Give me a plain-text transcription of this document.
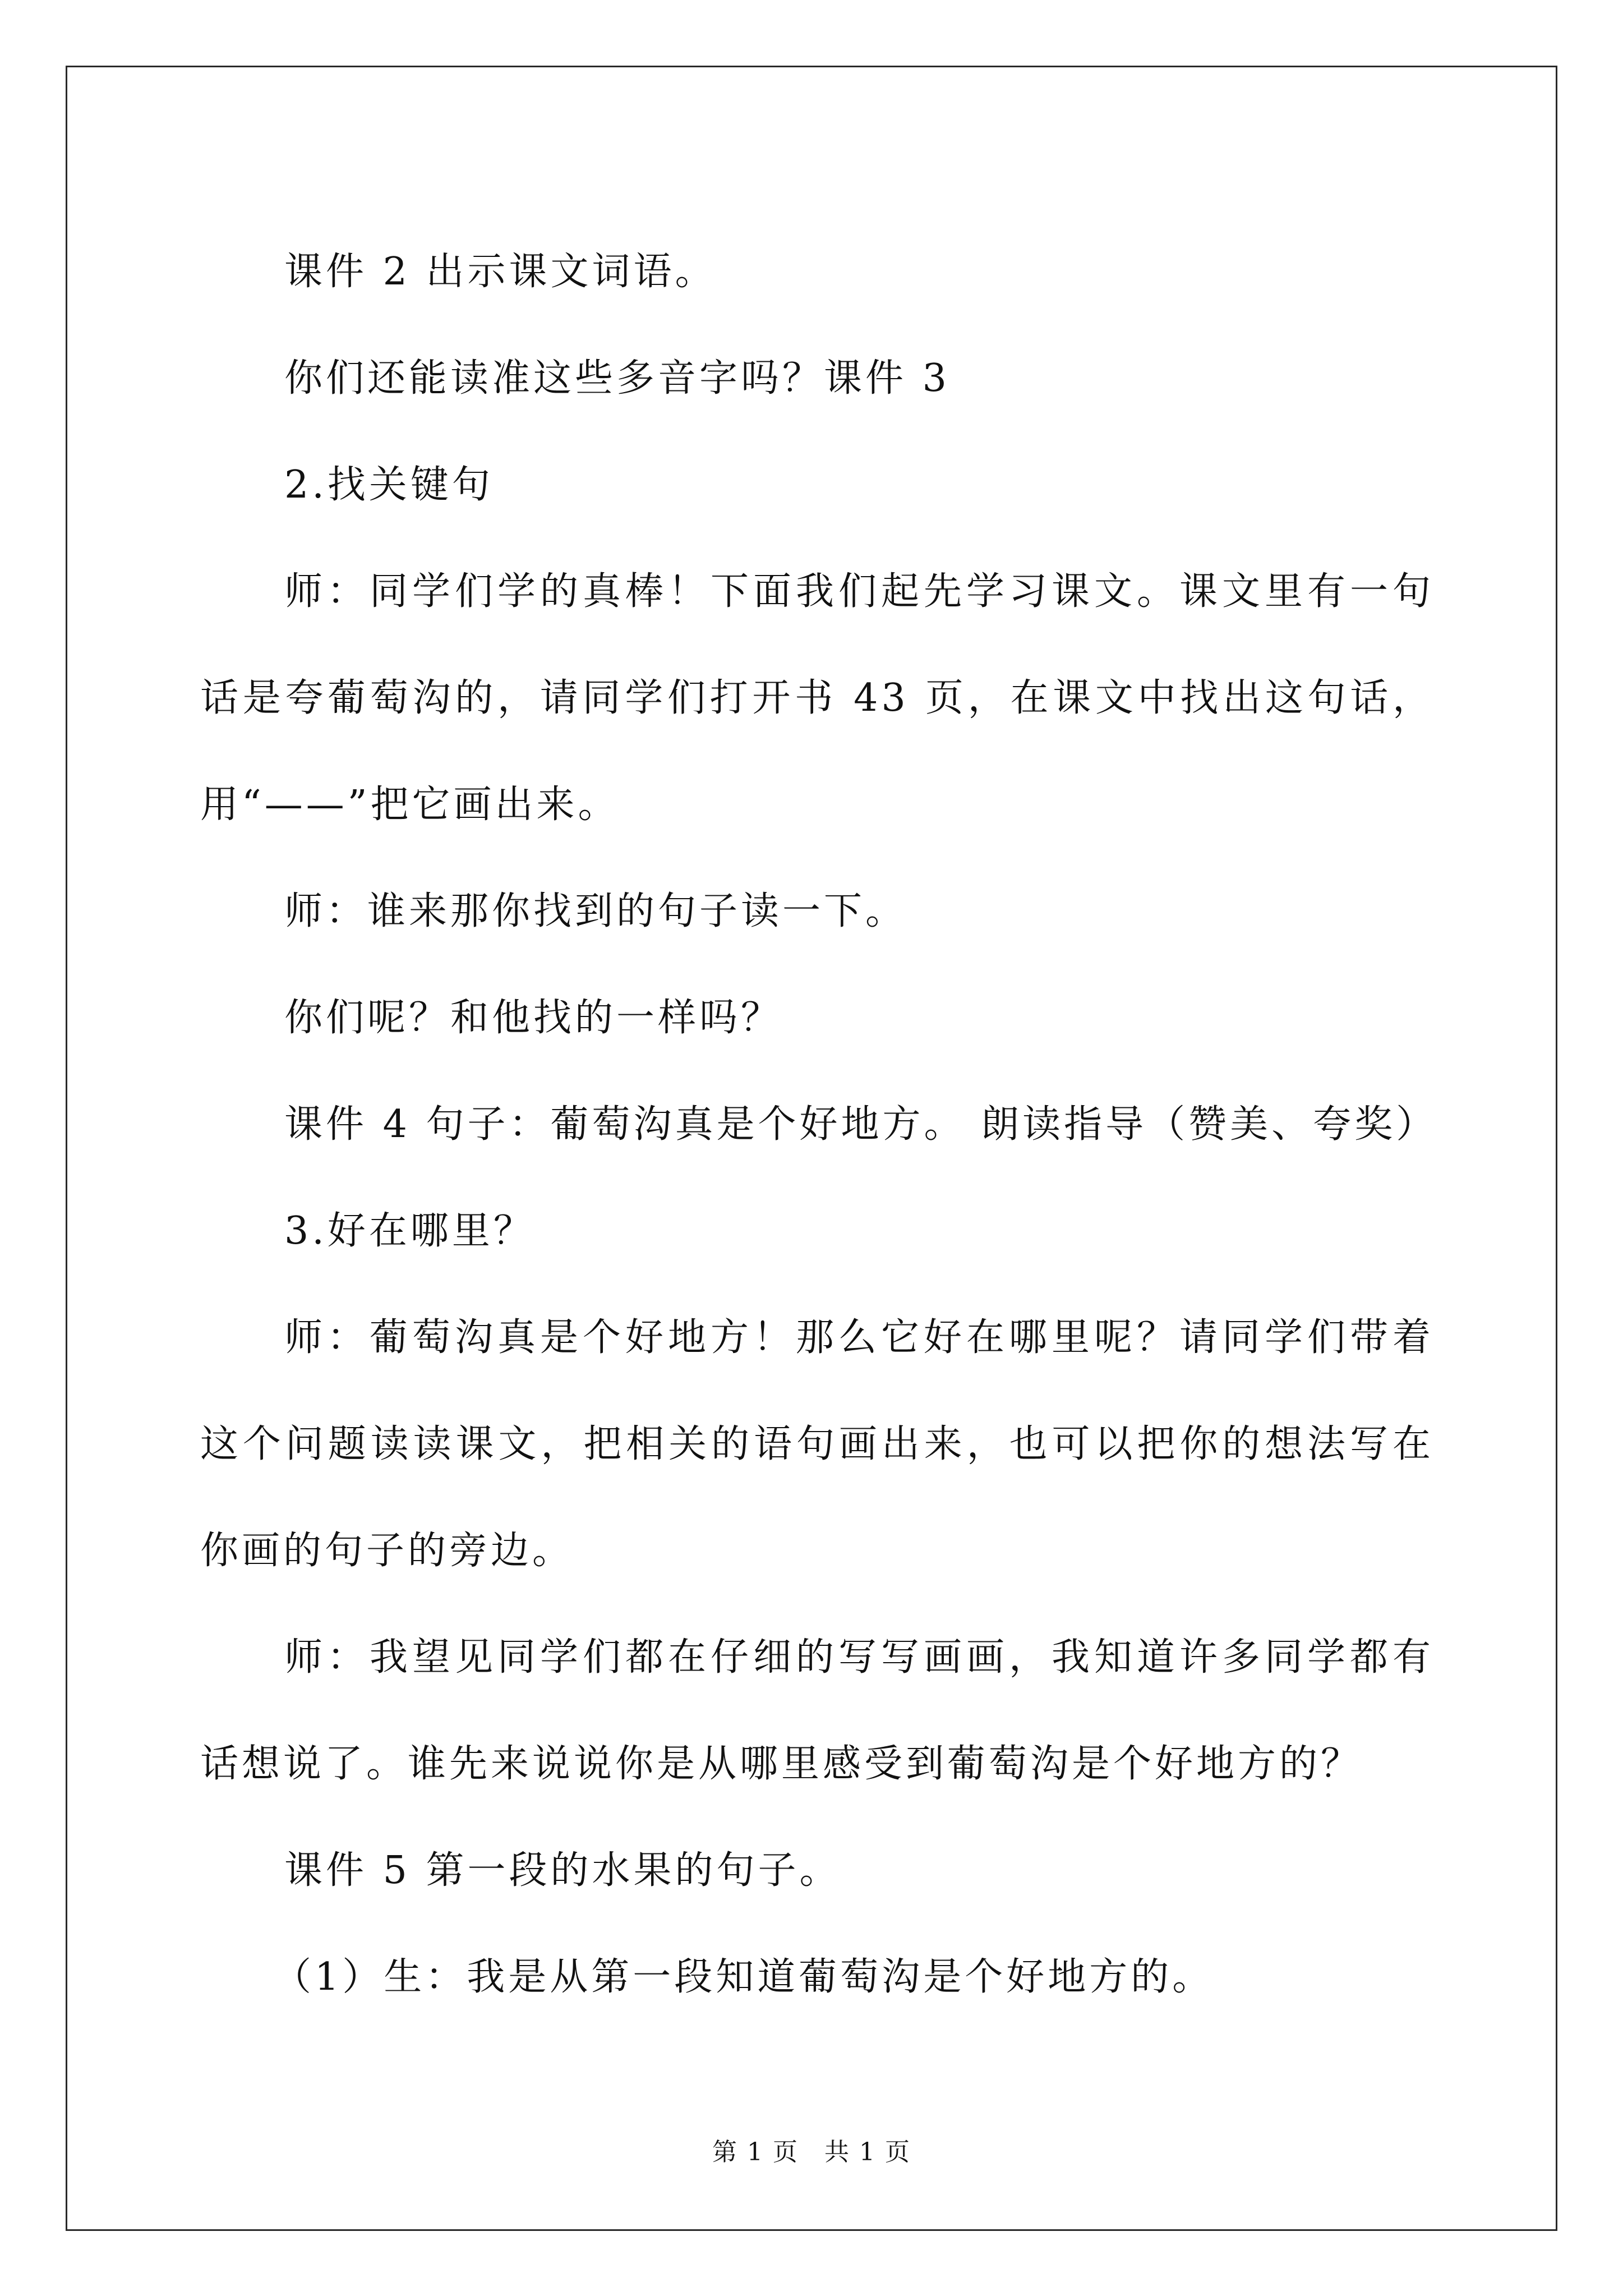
课件 2 出示课文词语。

你们还能读准这些多音字吗？课件 3

2.找关键句

师：同学们学的真棒！下面我们起先学习课文。课文里有一句话是夸葡萄沟的，请同学们打开书 43 页，在课文中找出这句话，用“——”把它画出来。

师：谁来那你找到的句子读一下。

你们呢？和他找的一样吗？

课件 4 句子：葡萄沟真是个好地方。 朗读指导（赞美、夸奖）

3.好在哪里？

师：葡萄沟真是个好地方！那么它好在哪里呢？请同学们带着这个问题读读课文，把相关的语句画出来，也可以把你的想法写在你画的句子的旁边。

师：我望见同学们都在仔细的写写画画，我知道许多同学都有话想说了。谁先来说说你是从哪里感受到葡萄沟是个好地方的？

课件 5 第一段的水果的句子。

（1）生：我是从第一段知道葡萄沟是个好地方的。

第 1 页　共 1 页
